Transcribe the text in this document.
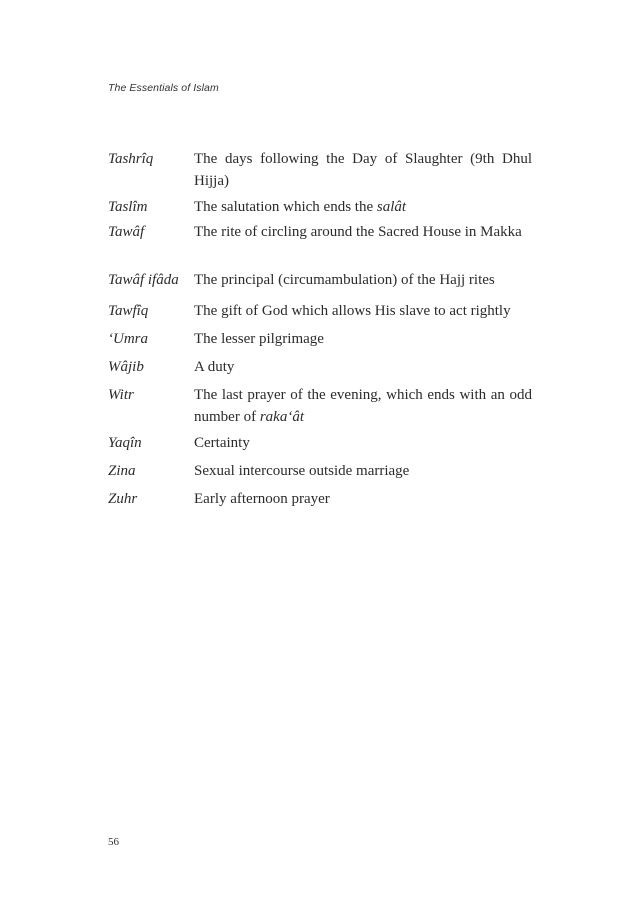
The Essentials of Islam
Tashrîq	The days following the Day of Slaughter (9th Dhul Hijja)
Taslîm	The salutation which ends the salât
Tawâf	The rite of circling around the Sacred House in Makka
Tawâf ifâda	The principal (circumambulation) of the Hajj rites
Tawfîq	The gift of God which allows His slave to act rightly
‘Umra	The lesser pilgrimage
Wâjib	A duty
Witr	The last prayer of the evening, which ends with an odd number of raka‘ât
Yaqîn	Certainty
Zina	Sexual intercourse outside marriage
Zuhr	Early afternoon prayer
56
